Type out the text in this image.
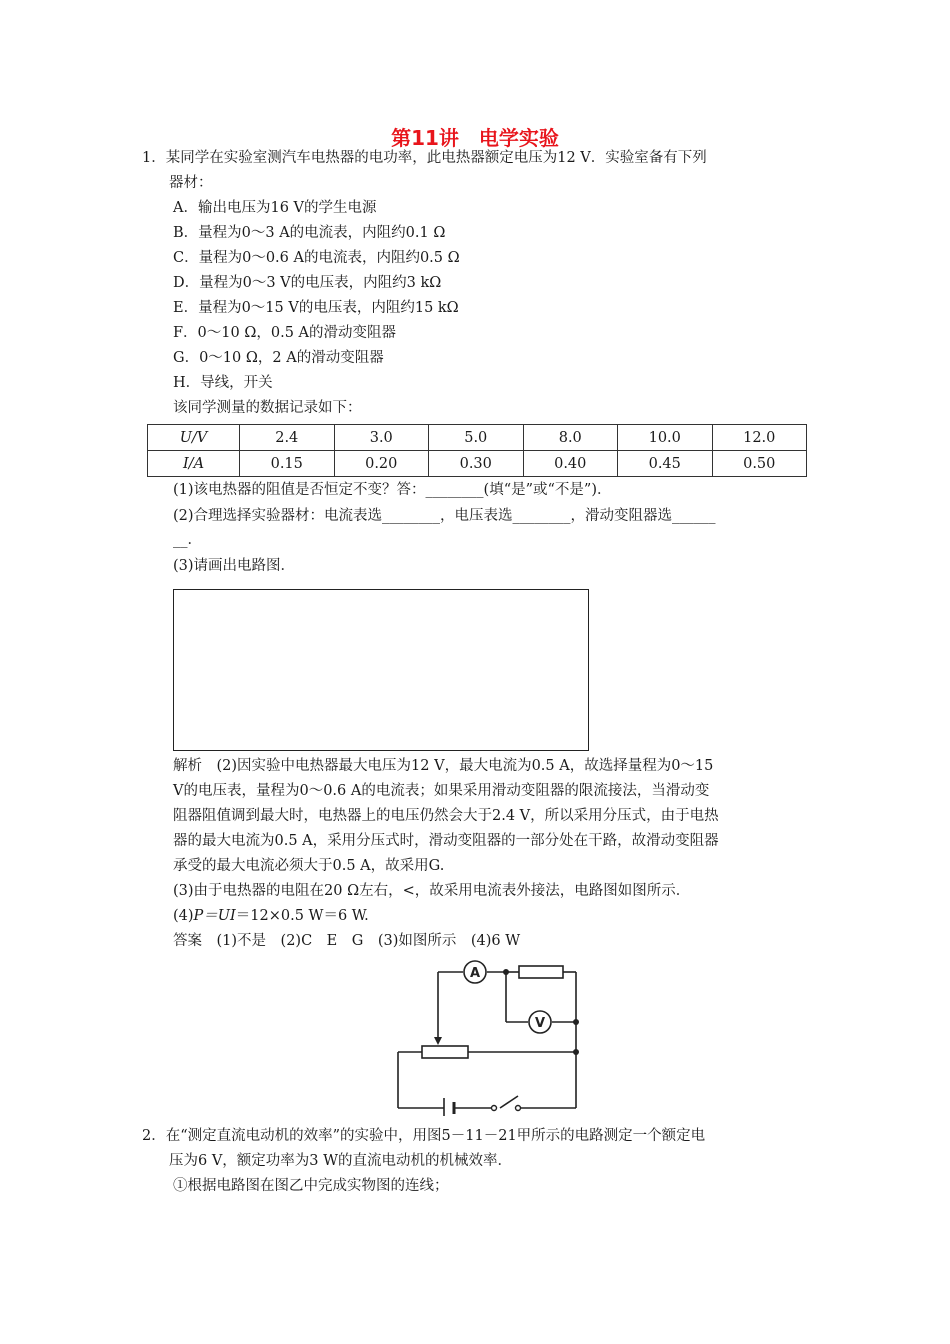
第11讲　电学实验
1．某同学在实验室测汽车电热器的电功率，此电热器额定电压为12 V．实验室备有下列
器材：
A．输出电压为16 V的学生电源
B．量程为0～3 A的电流表，内阻约0.1 Ω
C．量程为0～0.6 A的电流表，内阻约0.5 Ω
D．量程为0～3 V的电压表，内阻约3 kΩ
E．量程为0～15 V的电压表，内阻约15 kΩ
F．0～10 Ω，0.5 A的滑动变阻器
G．0～10 Ω，2 A的滑动变阻器
H．导线，开关
该同学测量的数据记录如下：
U/V	2.4	3.0	5.0	8.0	10.0	12.0
I/A	0.15	0.20	0.30	0.40	0.45	0.50
(1)该电热器的阻值是否恒定不变？答：________(填“是”或“不是”)．
(2)合理选择实验器材：电流表选________，电压表选________，滑动变阻器选______
__．
(3)请画出电路图．
解析　(2)因实验中电热器最大电压为12 V，最大电流为0.5 A，故选择量程为0～15
V的电压表，量程为0～0.6 A的电流表；如果采用滑动变阻器的限流接法，当滑动变
阻器阻值调到最大时，电热器上的电压仍然会大于2.4 V，所以采用分压式，由于电热
器的最大电流为0.5 A，采用分压式时，滑动变阻器的一部分处在干路，故滑动变阻器
承受的最大电流必须大于0.5 A，故采用G.
(3)由于电热器的电阻在20 Ω左右，<，故采用电流表外接法，电路图如图所示．
(4)P＝UI＝12×0.5 W＝6 W.
答案　(1)不是　(2)C　E　G　(3)如图所示　(4)6 W
A
V
2．在“测定直流电动机的效率”的实验中，用图5－11－21甲所示的电路测定一个额定电
压为6 V，额定功率为3 W的直流电动机的机械效率．
①根据电路图在图乙中完成实物图的连线；
